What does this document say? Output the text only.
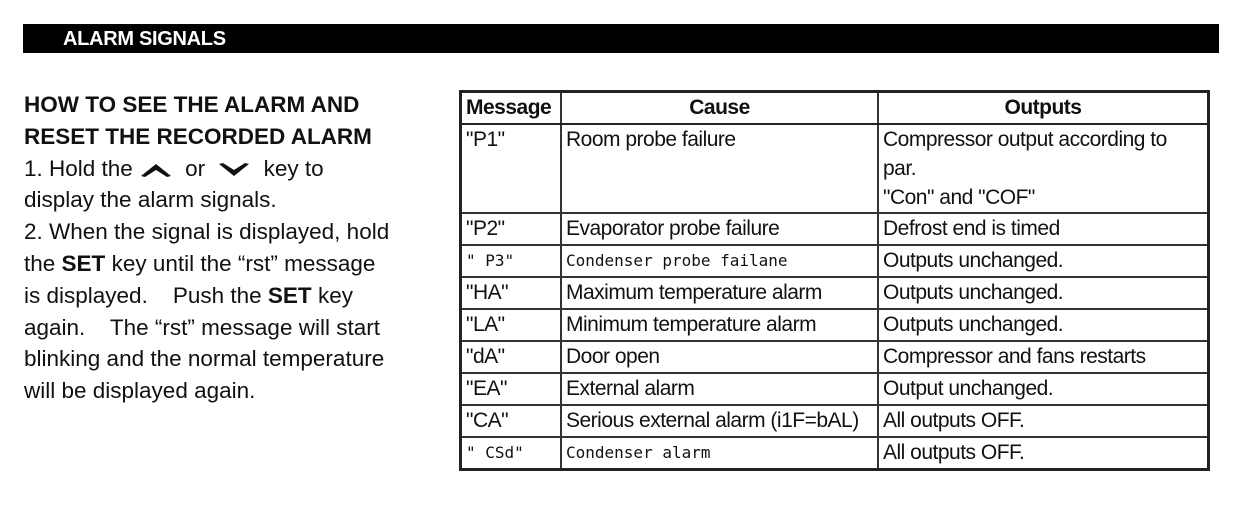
ALARM SIGNALS
HOW TO SEE THE ALARM AND
RESET THE RECORDED ALARM
1. Hold the or	key to
display the alarm signals.
2. When the signal is displayed, hold
the SET key until the “rst” message
is displayed.    Push the SET key
again.    The “rst” message will start
blinking and the normal temperature
will be displayed again.
Message	Cause	Outputs
"P1"	Room probe failure	Compressor output according to par.
"Con" and "COF"

"P2"	Evaporator probe failure	Defrost end is timed
" P3"	Condenser probe failane	Outputs unchanged.
"HA"	Maximum temperature alarm	Outputs unchanged.
"LA"	Minimum temperature alarm	Outputs unchanged.
"dA"	Door open	Compressor and fans restarts
"EA"	External alarm	Output unchanged.
"CA"	Serious external alarm (i1F=bAL)	All outputs OFF.
" CSd"	Condenser alarm	All outputs OFF.
